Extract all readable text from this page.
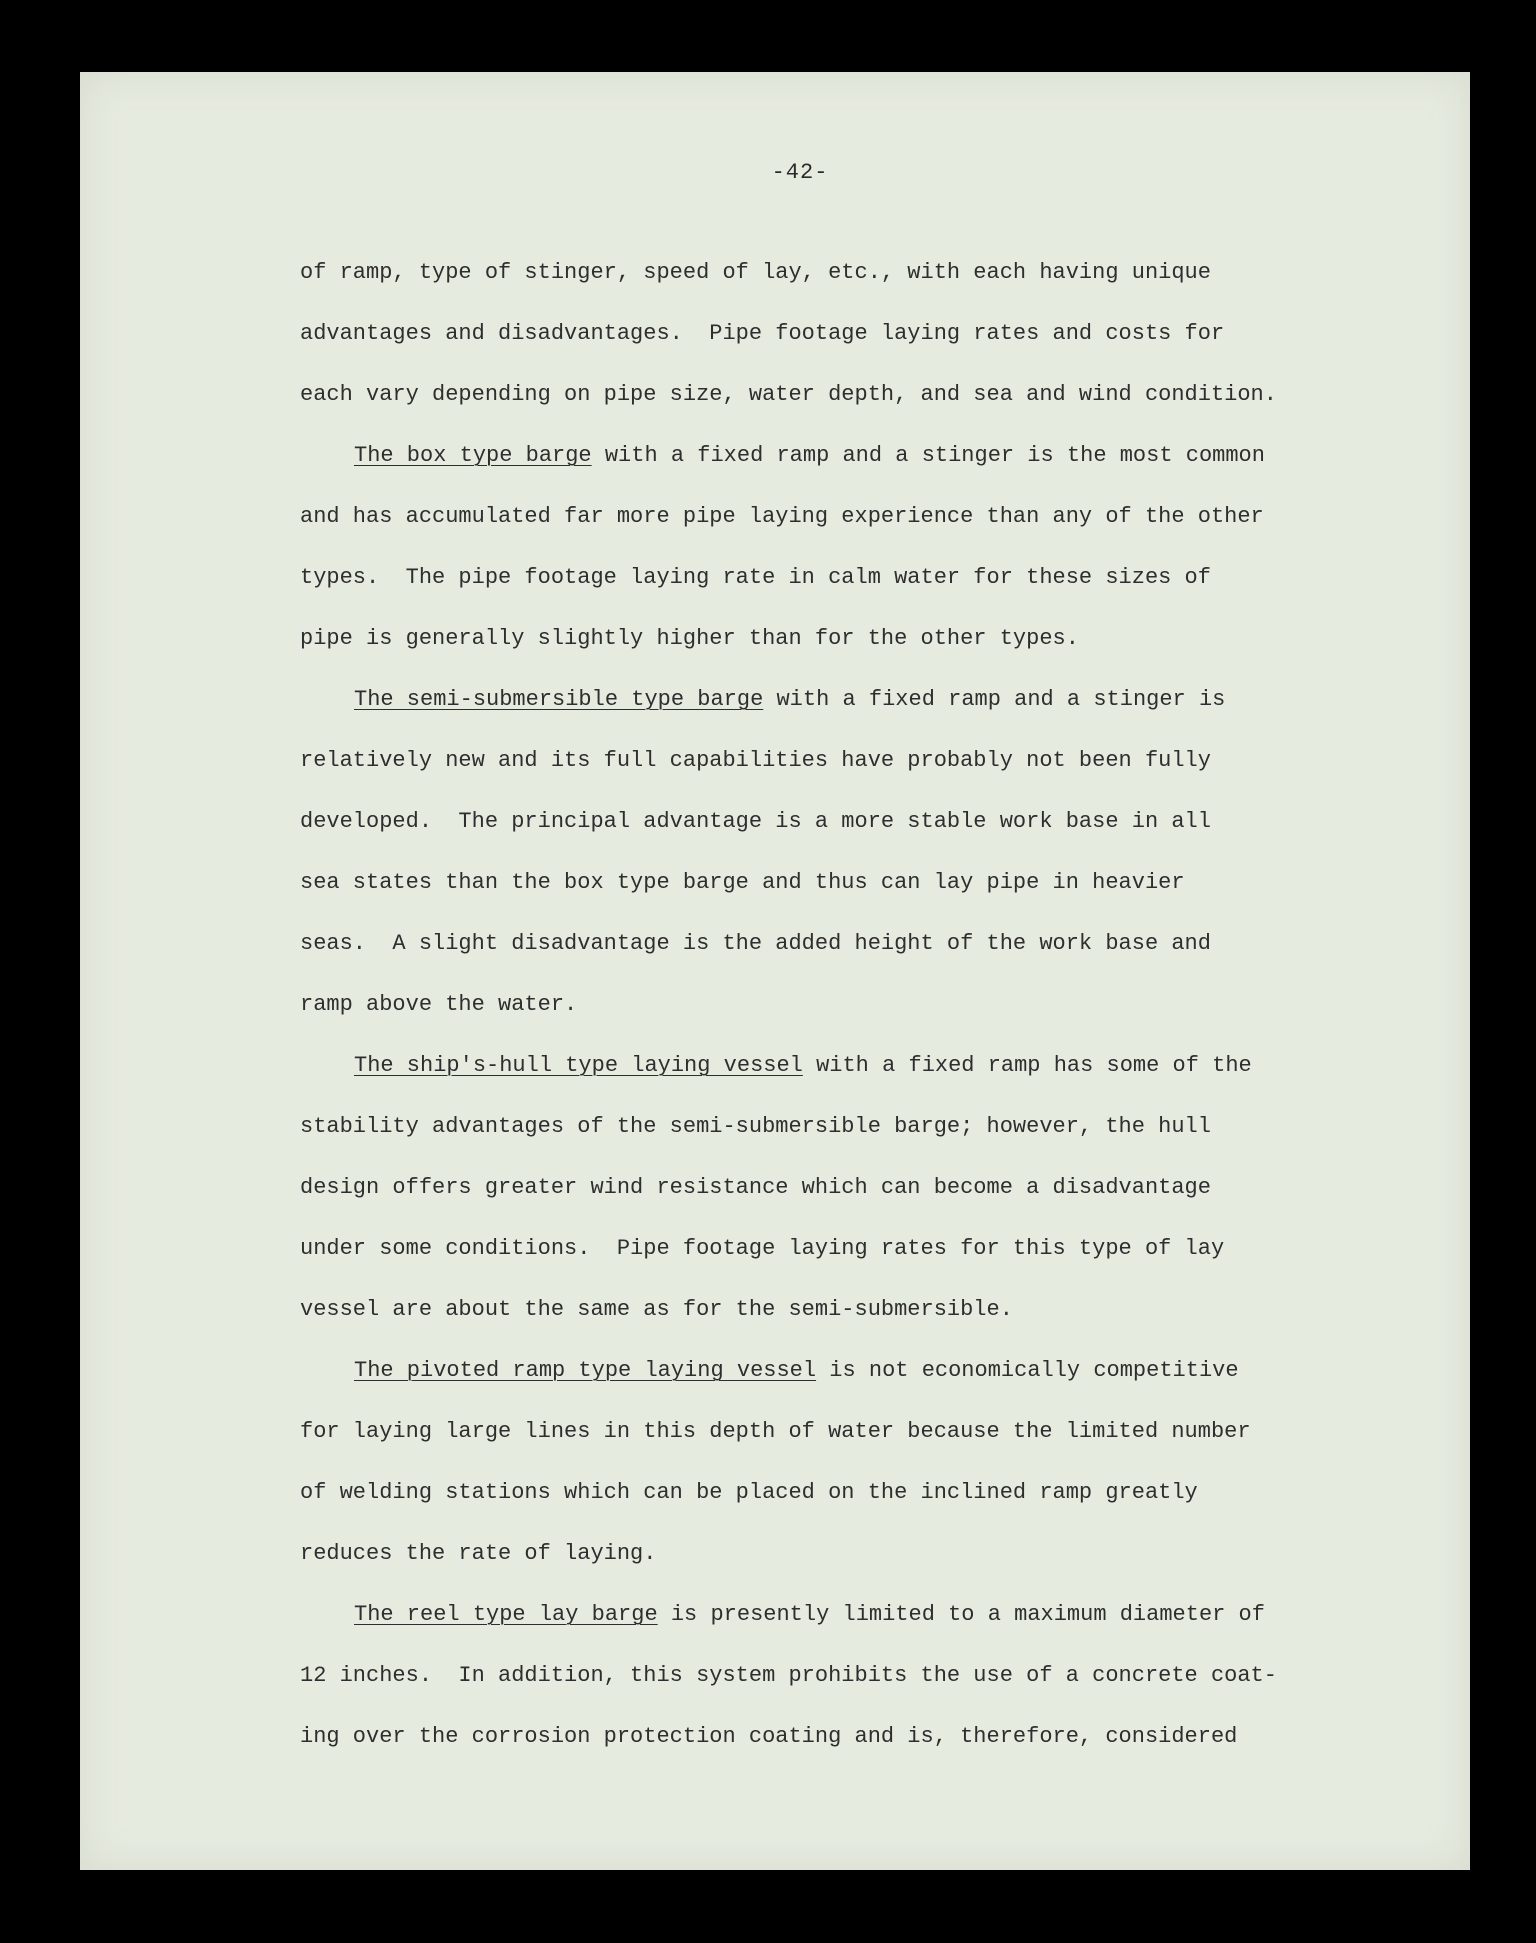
-42-
of ramp, type of stinger, speed of lay, etc., with each having unique
advantages and disadvantages.  Pipe footage laying rates and costs for
each vary depending on pipe size, water depth, and sea and wind condition.
The box type barge with a fixed ramp and a stinger is the most common
and has accumulated far more pipe laying experience than any of the other
types.  The pipe footage laying rate in calm water for these sizes of
pipe is generally slightly higher than for the other types.
The semi-submersible type barge with a fixed ramp and a stinger is
relatively new and its full capabilities have probably not been fully
developed.  The principal advantage is a more stable work base in all
sea states than the box type barge and thus can lay pipe in heavier
seas.  A slight disadvantage is the added height of the work base and
ramp above the water.
The ship's-hull type laying vessel with a fixed ramp has some of the
stability advantages of the semi-submersible barge; however, the hull
design offers greater wind resistance which can become a disadvantage
under some conditions.  Pipe footage laying rates for this type of lay
vessel are about the same as for the semi-submersible.
The pivoted ramp type laying vessel is not economically competitive
for laying large lines in this depth of water because the limited number
of welding stations which can be placed on the inclined ramp greatly
reduces the rate of laying.
The reel type lay barge is presently limited to a maximum diameter of
12 inches.  In addition, this system prohibits the use of a concrete coat-
ing over the corrosion protection coating and is, therefore, considered
